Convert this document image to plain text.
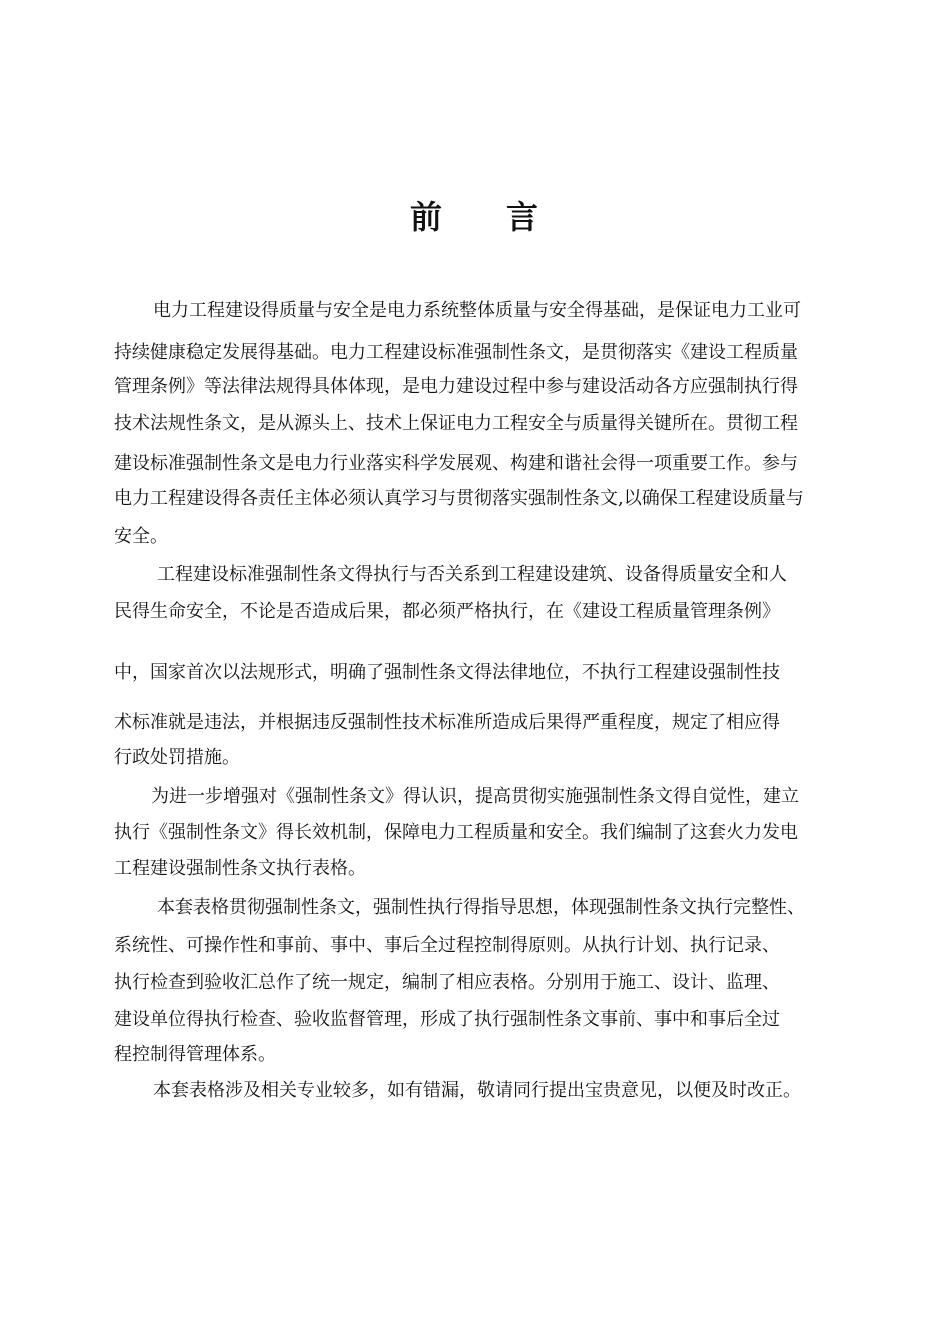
前 言

电力工程建设得质量与安全是电力系统整体质量与安全得基础，是保证电力工业可

持续健康稳定发展得基础。电力工程建设标准强制性条文，是贯彻落实《建设工程质量

管理条例》等法律法规得具体体现，是电力建设过程中参与建设活动各方应强制执行得

技术法规性条文，是从源头上、技术上保证电力工程安全与质量得关键所在。贯彻工程

建设标准强制性条文是电力行业落实科学发展观、构建和谐社会得一项重要工作。参与

电力工程建设得各责任主体必须认真学习与贯彻落实强制性条文,以确保工程建设质量与

安全。

工程建设标准强制性条文得执行与否关系到工程建设建筑、设备得质量安全和人

民得生命安全，不论是否造成后果，都必须严格执行，在《建设工程质量管理条例》

中，国家首次以法规形式，明确了强制性条文得法律地位，不执行工程建设强制性技

术标准就是违法，并根据违反强制性技术标准所造成后果得严重程度，规定了相应得

行政处罚措施。

为进一步增强对《强制性条文》得认识，提高贯彻实施强制性条文得自觉性，建立

执行《强制性条文》得长效机制，保障电力工程质量和安全。我们编制了这套火力发电

工程建设强制性条文执行表格。

本套表格贯彻强制性条文，强制性执行得指导思想，体现强制性条文执行完整性、

系统性、可操作性和事前、事中、事后全过程控制得原则。从执行计划、执行记录、

执行检查到验收汇总作了统一规定，编制了相应表格。分别用于施工、设计、监理、

建设单位得执行检查、验收监督管理，形成了执行强制性条文事前、事中和事后全过

程控制得管理体系。

本套表格涉及相关专业较多，如有错漏，敬请同行提出宝贵意见，以便及时改正。
